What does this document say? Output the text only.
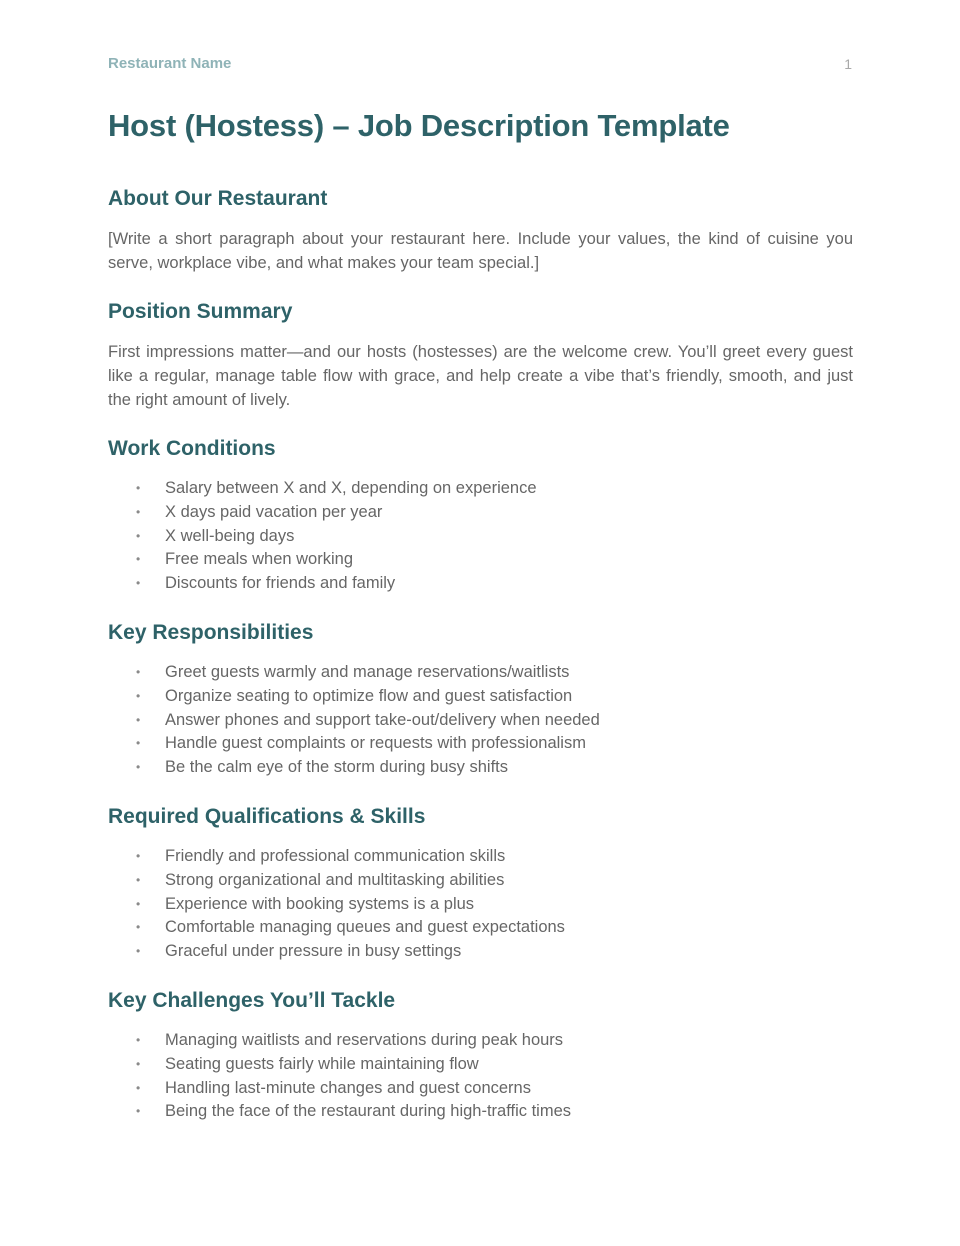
Restaurant Name	1
Host (Hostess) – Job Description Template
About Our Restaurant

[Write a short paragraph about your restaurant here. Include your values, the kind of cuisine you serve, workplace vibe, and what makes your team special.]

Position Summary

First impressions matter—and our hosts (hostesses) are the welcome crew. You’ll greet every guest like a regular, manage table flow with grace, and help create a vibe that’s friendly, smooth, and just the right amount of lively.

Work Conditions
• Salary between X and X, depending on experience
• X days paid vacation per year
• X well-being days
• Free meals when working
• Discounts for friends and family
Key Responsibilities
• Greet guests warmly and manage reservations/waitlists
• Organize seating to optimize flow and guest satisfaction
• Answer phones and support take-out/delivery when needed
• Handle guest complaints or requests with professionalism
• Be the calm eye of the storm during busy shifts
Required Qualifications & Skills
• Friendly and professional communication skills
• Strong organizational and multitasking abilities
• Experience with booking systems is a plus
• Comfortable managing queues and guest expectations
• Graceful under pressure in busy settings
Key Challenges You’ll Tackle
• Managing waitlists and reservations during peak hours
• Seating guests fairly while maintaining flow
• Handling last-minute changes and guest concerns
• Being the face of the restaurant during high-traffic times
